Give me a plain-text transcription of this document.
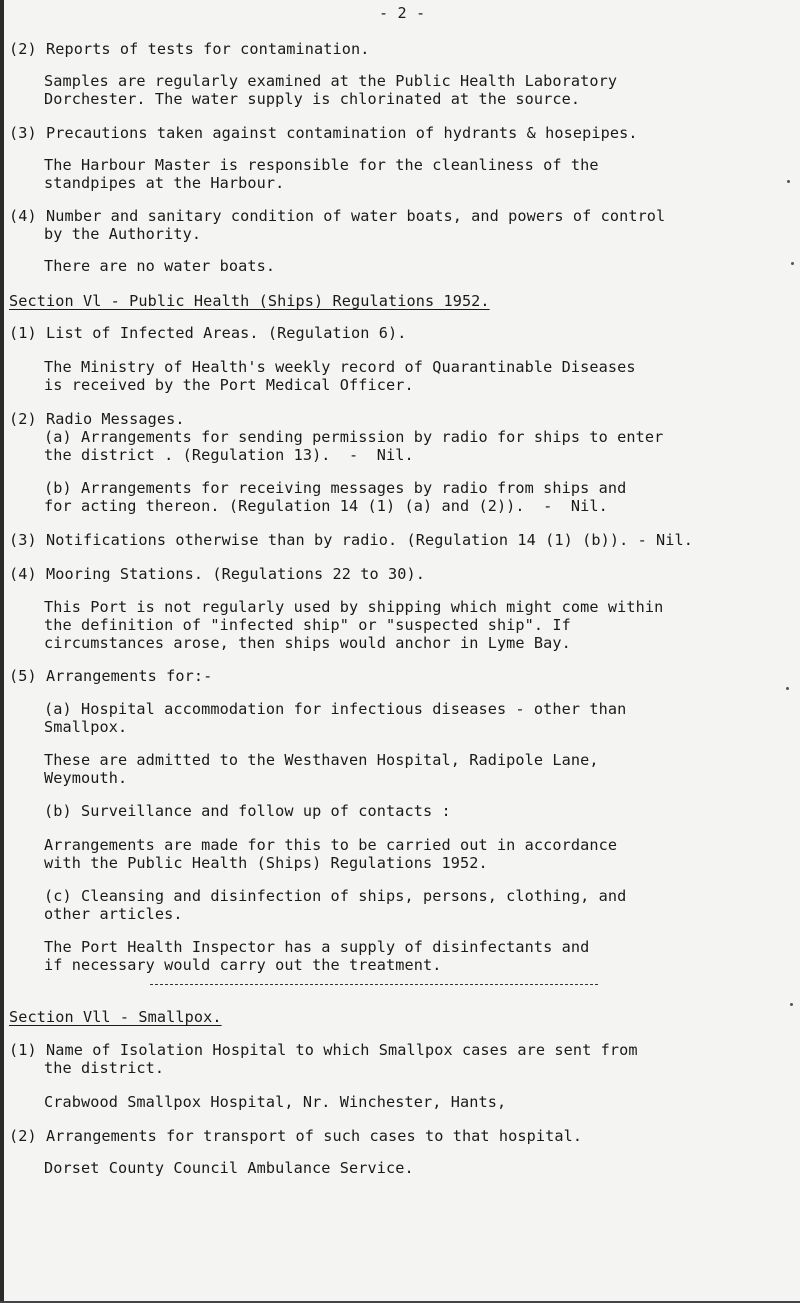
- 2 -
(2) Reports of tests for contamination.
Samples are regularly examined at the Public Health Laboratory
Dorchester. The water supply is chlorinated at the source.
(3) Precautions taken against contamination of hydrants & hosepipes.
The Harbour Master is responsible for the cleanliness of the
standpipes at the Harbour.
(4) Number and sanitary condition of water boats, and powers of control
by the Authority.
There are no water boats.
Section Vl - Public Health (Ships) Regulations 1952.
(1) List of Infected Areas. (Regulation 6).
The Ministry of Health's weekly record of Quarantinable Diseases
is received by the Port Medical Officer.
(2) Radio Messages.
(a) Arrangements for sending permission by radio for ships to enter
the district . (Regulation 13).  -  Nil.
(b) Arrangements for receiving messages by radio from ships and
for acting thereon. (Regulation 14 (1) (a) and (2)).  -  Nil.
(3) Notifications otherwise than by radio. (Regulation 14 (1) (b)). - Nil.
(4) Mooring Stations. (Regulations 22 to 30).
This Port is not regularly used by shipping which might come within
the definition of "infected ship" or "suspected ship". If
circumstances arose, then ships would anchor in Lyme Bay.
(5) Arrangements for:-
(a) Hospital accommodation for infectious diseases - other than
Smallpox.
These are admitted to the Westhaven Hospital, Radipole Lane,
Weymouth.
(b) Surveillance and follow up of contacts :
Arrangements are made for this to be carried out in accordance
with the Public Health (Ships) Regulations 1952.
(c) Cleansing and disinfection of ships, persons, clothing, and
other articles.
The Port Health Inspector has a supply of disinfectants and
if necessary would carry out the treatment.
Section Vll - Smallpox.
(1) Name of Isolation Hospital to which Smallpox cases are sent from
the district.
Crabwood Smallpox Hospital, Nr. Winchester, Hants,
(2) Arrangements for transport of such cases to that hospital.
Dorset County Council Ambulance Service.
